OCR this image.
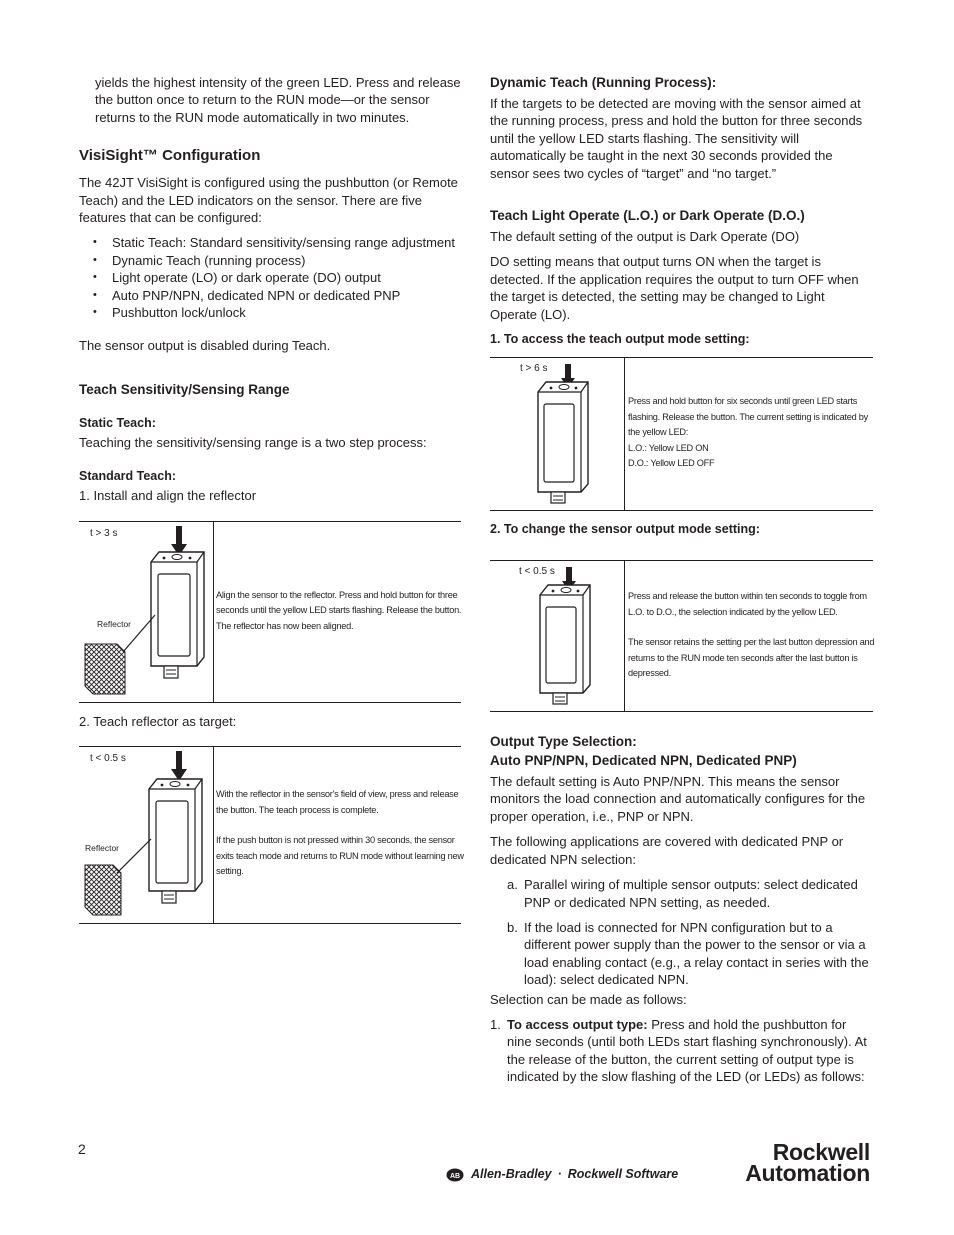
yields the highest intensity of the green LED. Press and release the button once to return to the RUN mode—or the sensor returns to the RUN mode automatically in two minutes.

VisiSight™ Configuration

The 42JT VisiSight is configured using the pushbutton (or Remote Teach) and the LED indicators on the sensor. There are five features that can be configured:

• Static Teach: Standard sensitivity/sensing range adjustment
• Dynamic Teach (running process)
• Light operate (LO) or dark operate (DO) output
• Auto PNP/NPN, dedicated NPN or dedicated PNP
• Pushbutton lock/unlock

The sensor output is disabled during Teach.

Teach Sensitivity/Sensing Range
Static Teach:

Teaching the sensitivity/sensing range is a two step process:

Standard Teach:

1. Install and align the reflector

t > 3 s
Reflector
Align the sensor to the reflector. Press and hold button for three seconds until the yellow LED starts flashing. Release the button. The reflector has now been aligned.

2. Teach reflector as target:

t < 0.5 s
Reflector
With the reflector in the sensor's field of view, press and release the button. The teach process is complete.
If the push button is not pressed within 30 seconds, the sensor exits teach mode and returns to RUN mode without learning new setting.
Dynamic Teach (Running Process):

If the targets to be detected are moving with the sensor aimed at the running process, press and hold the button for three seconds until the yellow LED starts flashing. The sensitivity will automatically be taught in the next 30 seconds provided the sensor sees two cycles of “target” and “no target.”

Teach Light Operate (L.O.) or Dark Operate (D.O.)

The default setting of the output is Dark Operate (DO)

DO setting means that output turns ON when the target is detected. If the application requires the output to turn OFF when the target is detected, the setting may be changed to Light Operate (LO).

1. To access the teach output mode setting:
t > 6 s
Press and hold button for six seconds until green LED starts
flashing. Release the button. The current setting is indicated by
the yellow LED:
L.O.: Yellow LED ON
D.O.: Yellow LED OFF
2. To change the sensor output mode setting:
t < 0.5 s
Press and release the button within ten seconds to toggle from L.O. to D.O., the selection indicated by the yellow LED.
The sensor retains the setting per the last button depression and returns to the RUN mode ten seconds after the last button is depressed.
Output Type Selection:
Auto PNP/NPN, Dedicated NPN, Dedicated PNP)

The default setting is Auto PNP/NPN. This means the sensor monitors the load connection and automatically configures for the proper operation, i.e., PNP or NPN.

The following applications are covered with dedicated PNP or dedicated NPN selection:

a. Parallel wiring of multiple sensor outputs: select dedicated PNP or dedicated NPN setting, as needed.
b. If the load is connected for NPN configuration but to a different power supply than the power to the sensor or via a load enabling contact (e.g., a relay contact in series with the load): select dedicated NPN.

Selection can be made as follows:

1. To access output type: Press and hold the pushbutton for nine seconds (until both LEDs start flashing synchronously). At the release of the button, the current setting of output type is indicated by the slow flashing of the LED (or LEDs) as follows:
2
AB Allen-Bradley · Rockwell Software
Rockwell
Automation
